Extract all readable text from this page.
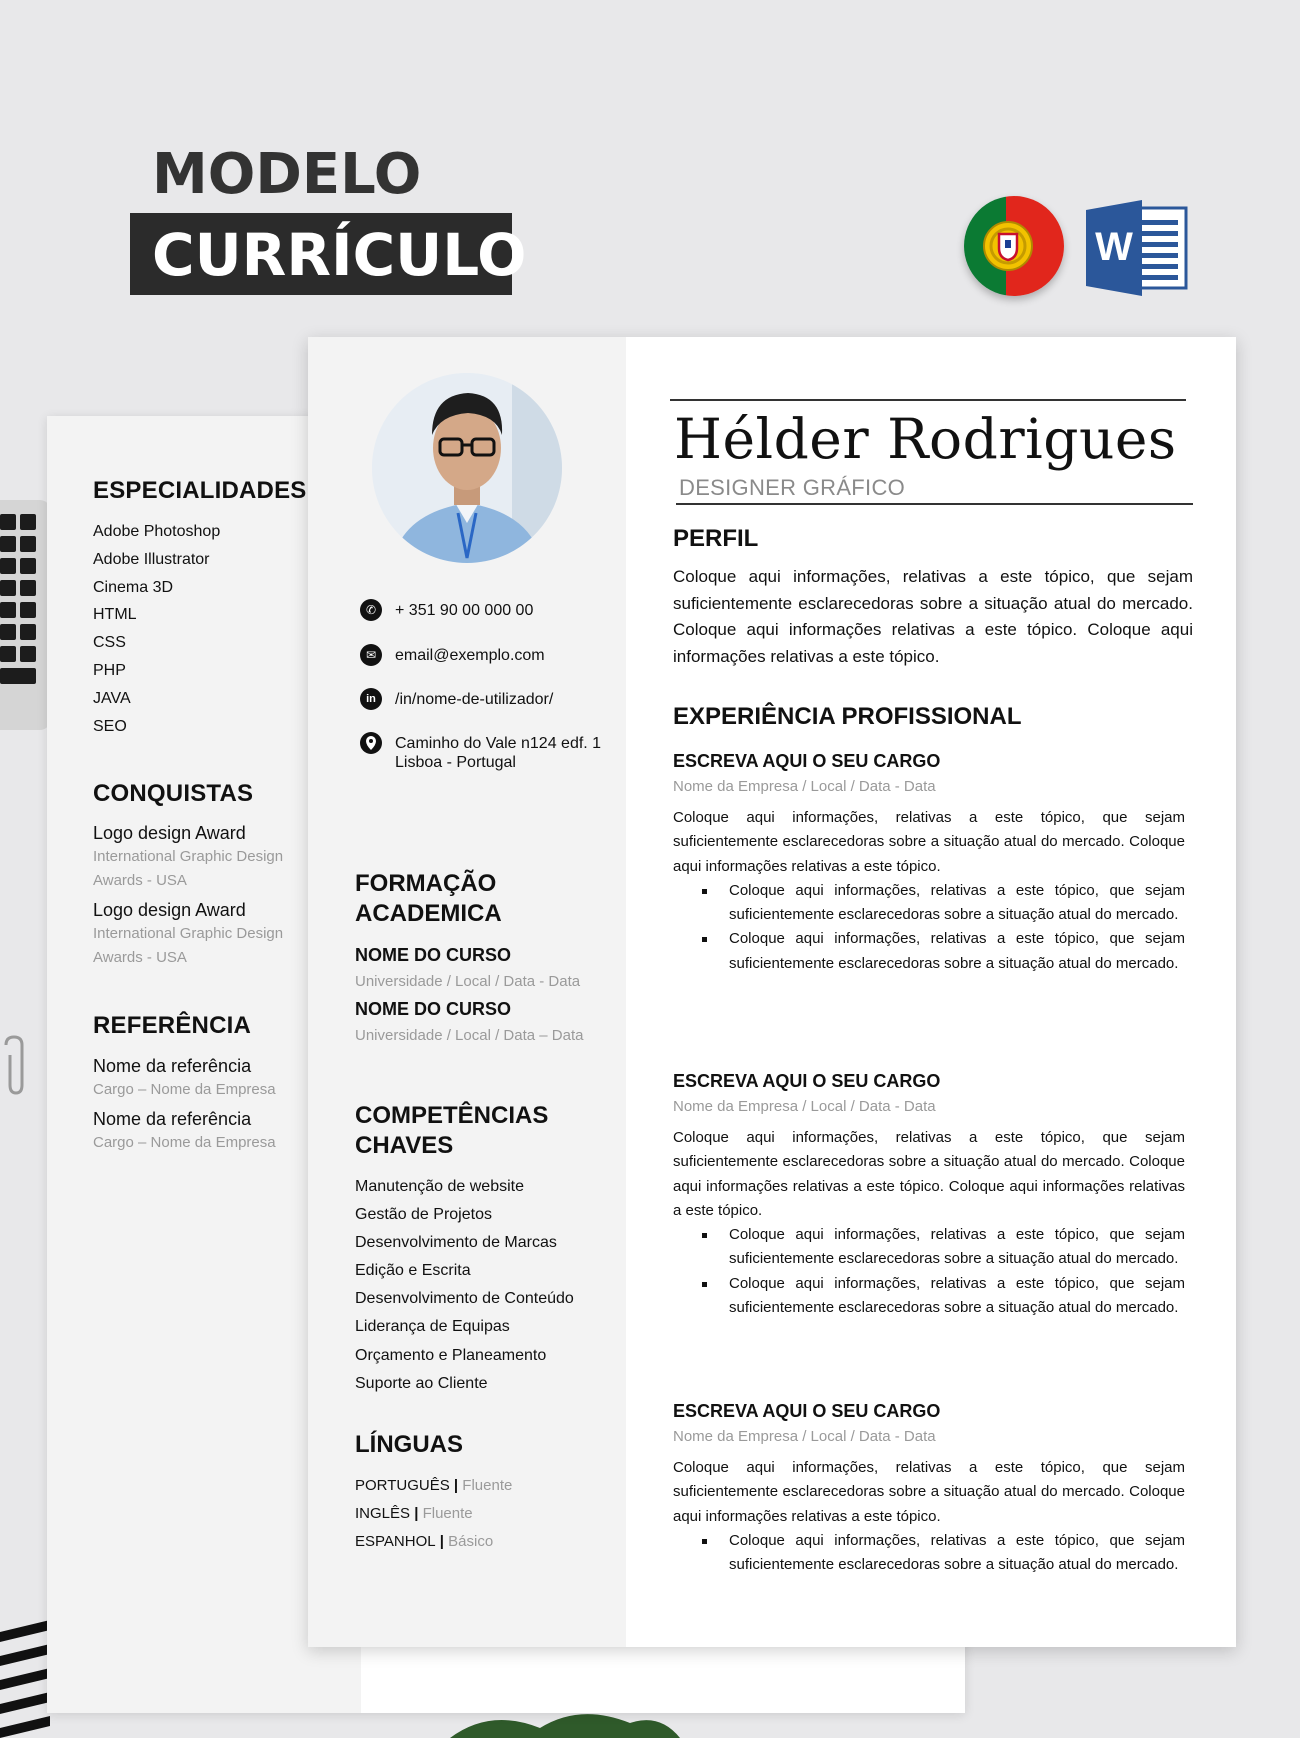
MODELO
CURRÍCULO	W
ESPECIALIDADES
Adobe Photoshop
Adobe Illustrator
Cinema 3D
HTML
CSS
PHP
JAVA
SEO
CONQUISTAS
Logo design Award
International Graphic Design
Awards - USA
Logo design Award
International Graphic Design
Awards - USA
REFERÊNCIA
Nome da referência
Cargo – Nome da Empresa
Nome da referência
Cargo – Nome da Empresa
✆	+ 351 90 00 000 00
✉	email@exemplo.com
in	/in/nome-de-utilizador/
Caminho do Vale n124 edf. 1
Lisboa - Portugal
FORMAÇÃO
ACADEMICA
NOME DO CURSO
Universidade / Local / Data - Data
NOME DO CURSO
Universidade / Local / Data – Data
COMPETÊNCIAS
CHAVES
Manutenção de website
Gestão de Projetos
Desenvolvimento de Marcas
Edição e Escrita
Desenvolvimento de Conteúdo
Liderança de Equipas
Orçamento e Planeamento
Suporte ao Cliente
LÍNGUAS
PORTUGUÊS | Fluente
INGLÊS | Fluente
ESPANHOL | Básico
Hélder Rodrigues
DESIGNER GRÁFICO
PERFIL
Coloque aqui informações, relativas a este tópico, que sejam suficientemente esclarecedoras sobre a situação atual do mercado. Coloque aqui informações relativas a este tópico. Coloque aqui informações relativas a este tópico.
EXPERIÊNCIA PROFISSIONAL
ESCREVA AQUI O SEU CARGO
Nome da Empresa / Local / Data - Data
Coloque aqui informações, relativas a este tópico, que sejam suficientemente esclarecedoras sobre a situação atual do mercado. Coloque aqui informações relativas a este tópico.
Coloque aqui informações, relativas a este tópico, que sejam suficientemente esclarecedoras sobre a situação atual do mercado.
Coloque aqui informações, relativas a este tópico, que sejam suficientemente esclarecedoras sobre a situação atual do mercado.
ESCREVA AQUI O SEU CARGO
Nome da Empresa / Local / Data - Data
Coloque aqui informações, relativas a este tópico, que sejam suficientemente esclarecedoras sobre a situação atual do mercado. Coloque aqui informações relativas a este tópico. Coloque aqui informações relativas a este tópico.
Coloque aqui informações, relativas a este tópico, que sejam suficientemente esclarecedoras sobre a situação atual do mercado.
Coloque aqui informações, relativas a este tópico, que sejam suficientemente esclarecedoras sobre a situação atual do mercado.
ESCREVA AQUI O SEU CARGO
Nome da Empresa / Local / Data - Data
Coloque aqui informações, relativas a este tópico, que sejam suficientemente esclarecedoras sobre a situação atual do mercado. Coloque aqui informações relativas a este tópico.
Coloque aqui informações, relativas a este tópico, que sejam suficientemente esclarecedoras sobre a situação atual do mercado.
